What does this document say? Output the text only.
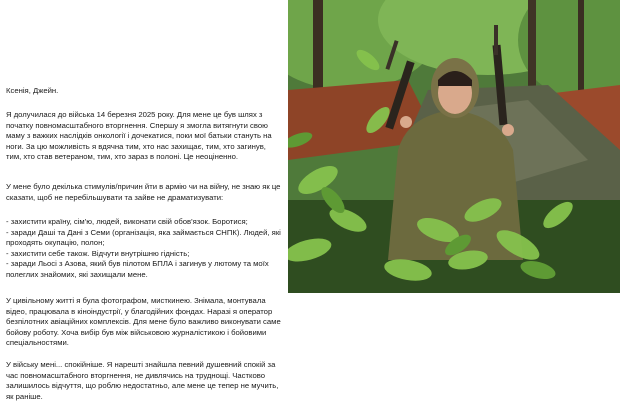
Ксенія, Джейн.

Я долучилася до війська 14 березня 2025 року. Для мене це був шлях з початку повномасштабного вторгнення. Спершу я змогла витягнути свою маму з важких наслідків онкології і дочекатися, поки мої батьки стануть на ноги. За цю можливість я вдячна тим, хто нас захищає, тим, хто загинув, тим, хто став ветераном, тим, хто зараз в полоні. Це неоціненно.

У мене було декілька стимулів/причин йти в армію чи на війну, не знаю як це сказати, щоб не перебільшувати та зайве не драматизувати:

- захистити країну, сім'ю, людей, виконати свій обов'язок. Боротися;

- заради Даші та Дані з Семи (організація, яка займається СНПК). Людей, які проходять окупацію, полон;

- захистити себе також. Відчути внутрішню гідність;

- заради Льосі з Азова, який був пілотом БПЛА і загинув у лютому та моїх полеглих знайомих, які захищали мене.

У цивільному житті я була фотографом, мисткинею. Знімала, монтувала відео, працювала в кіноіндустрії, у благодійних фондах. Наразі я оператор безпілотних авіаційних комплексів. Для мене було важливо виконувати саме бойову роботу. Хоча вибір був між військовою журналістикою і бойовими спеціальностями.

У війську мені... спокійніше. Я нарешті знайшла певний душевний спокій за час повномасштабного вторгнення, не дивлячись на труднощі. Частково залишилось відчуття, що роблю недостатньо, але мене це тепер не мучить, як раніше.
